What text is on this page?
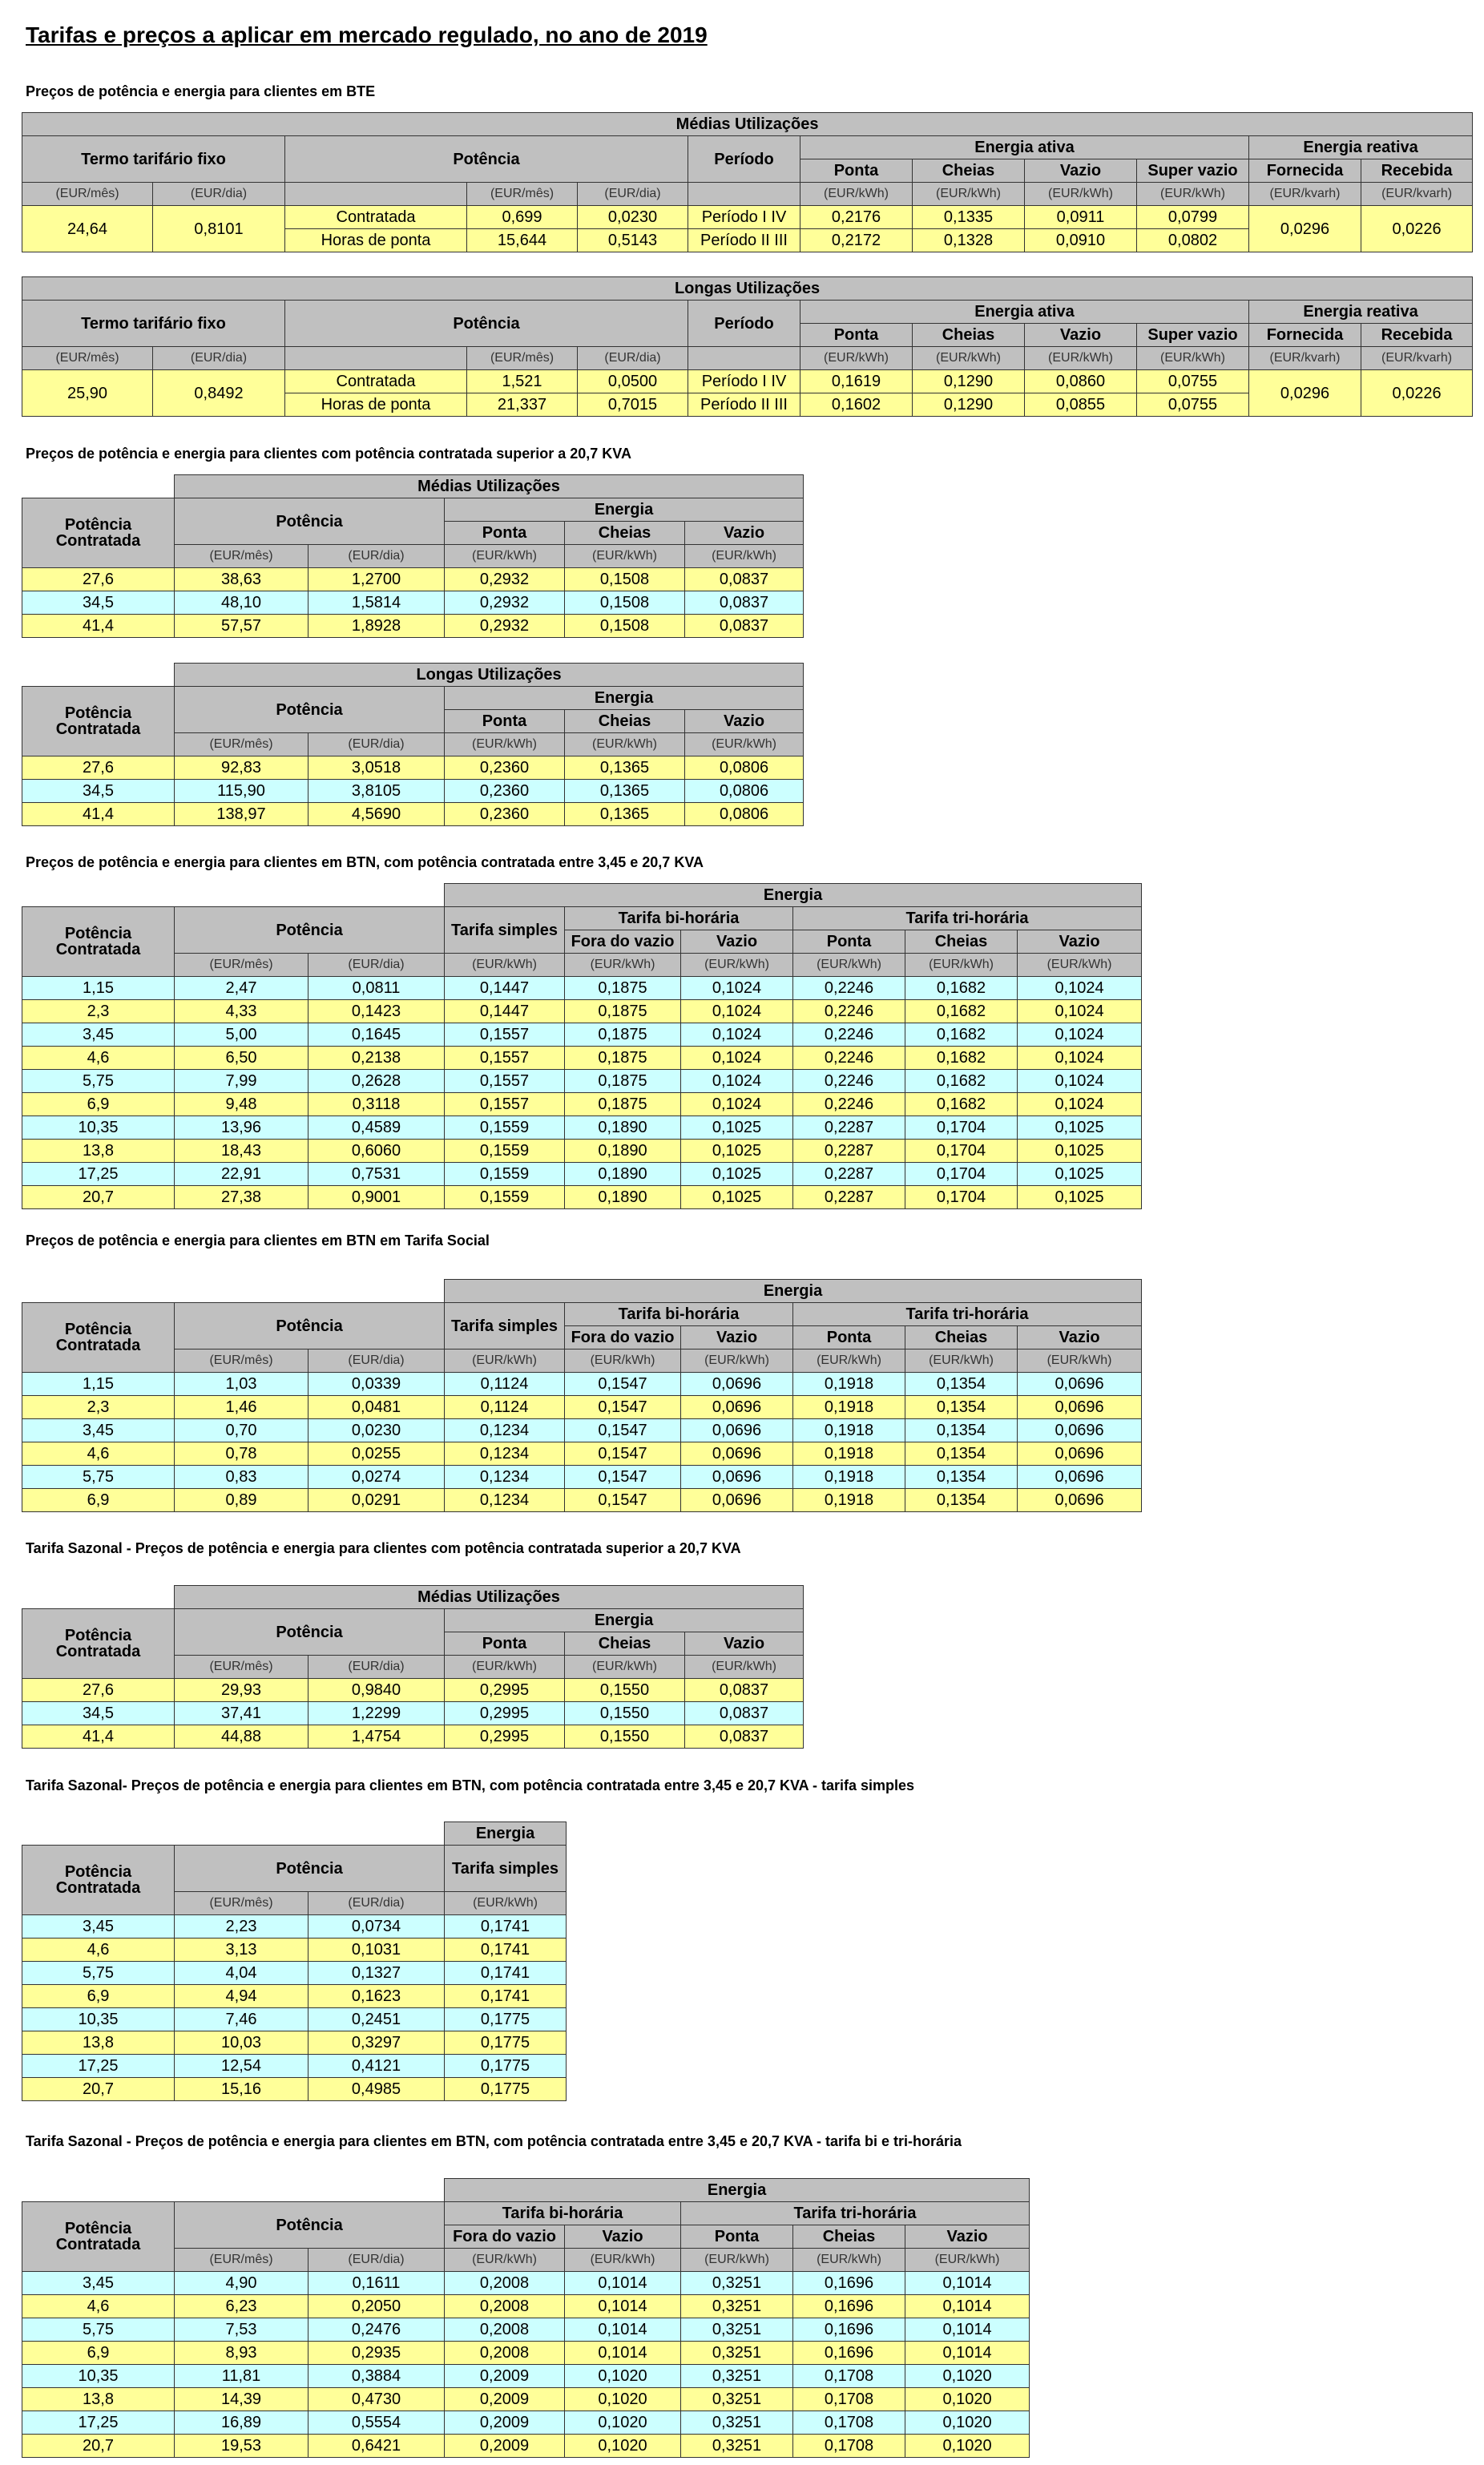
Tarifas e preços a aplicar em mercado regulado, no ano de 2019
Preços de potência e energia para clientes em BTE
Médias Utilizações											
Termo tarifário fixo		Potência			Período	Energia ativa				Energia reativa	
						Ponta	Cheias	Vazio	Super vazio	Fornecida	Recebida
(EUR/mês)	(EUR/dia)		(EUR/mês)	(EUR/dia)		(EUR/kWh)	(EUR/kWh)	(EUR/kWh)	(EUR/kWh)	(EUR/kvarh)	(EUR/kvarh)
24,64	0,8101	Contratada	0,699	0,0230	Período I IV	0,2176	0,1335	0,0911	0,0799	0,0296	0,0226
		Horas de ponta	15,644	0,5143	Período II III	0,2172	0,1328	0,0910	0,0802		
Longas Utilizações											
Termo tarifário fixo		Potência			Período	Energia ativa				Energia reativa	
						Ponta	Cheias	Vazio	Super vazio	Fornecida	Recebida
(EUR/mês)	(EUR/dia)		(EUR/mês)	(EUR/dia)		(EUR/kWh)	(EUR/kWh)	(EUR/kWh)	(EUR/kWh)	(EUR/kvarh)	(EUR/kvarh)
25,90	0,8492	Contratada	1,521	0,0500	Período I IV	0,1619	0,1290	0,0860	0,0755	0,0296	0,0226
		Horas de ponta	21,337	0,7015	Período II III	0,1602	0,1290	0,0855	0,0755		
Preços de potência e energia para clientes com potência contratada superior a 20,7 KVA
	Médias Utilizações				
Potência
Contratada	Potência		Energia		
			Ponta	Cheias	Vazio
	(EUR/mês)	(EUR/dia)	(EUR/kWh)	(EUR/kWh)	(EUR/kWh)
27,6	38,63	1,2700	0,2932	0,1508	0,0837
34,5	48,10	1,5814	0,2932	0,1508	0,0837
41,4	57,57	1,8928	0,2932	0,1508	0,0837
	Longas Utilizações				
Potência
Contratada	Potência		Energia		
			Ponta	Cheias	Vazio
	(EUR/mês)	(EUR/dia)	(EUR/kWh)	(EUR/kWh)	(EUR/kWh)
27,6	92,83	3,0518	0,2360	0,1365	0,0806
34,5	115,90	3,8105	0,2360	0,1365	0,0806
41,4	138,97	4,5690	0,2360	0,1365	0,0806
Preços de potência e energia para clientes em BTN, com potência contratada entre 3,45 e 20,7 KVA
			Energia					
Potência
Contratada	Potência		Tarifa simples	Tarifa bi-horária		Tarifa tri-horária		
				Fora do vazio	Vazio	Ponta	Cheias	Vazio
	(EUR/mês)	(EUR/dia)	(EUR/kWh)	(EUR/kWh)	(EUR/kWh)	(EUR/kWh)	(EUR/kWh)	(EUR/kWh)
1,15	2,47	0,0811	0,1447	0,1875	0,1024	0,2246	0,1682	0,1024
2,3	4,33	0,1423	0,1447	0,1875	0,1024	0,2246	0,1682	0,1024
3,45	5,00	0,1645	0,1557	0,1875	0,1024	0,2246	0,1682	0,1024
4,6	6,50	0,2138	0,1557	0,1875	0,1024	0,2246	0,1682	0,1024
5,75	7,99	0,2628	0,1557	0,1875	0,1024	0,2246	0,1682	0,1024
6,9	9,48	0,3118	0,1557	0,1875	0,1024	0,2246	0,1682	0,1024
10,35	13,96	0,4589	0,1559	0,1890	0,1025	0,2287	0,1704	0,1025
13,8	18,43	0,6060	0,1559	0,1890	0,1025	0,2287	0,1704	0,1025
17,25	22,91	0,7531	0,1559	0,1890	0,1025	0,2287	0,1704	0,1025
20,7	27,38	0,9001	0,1559	0,1890	0,1025	0,2287	0,1704	0,1025
Preços de potência e energia para clientes em BTN em Tarifa Social
			Energia					
Potência
Contratada	Potência		Tarifa simples	Tarifa bi-horária		Tarifa tri-horária		
				Fora do vazio	Vazio	Ponta	Cheias	Vazio
	(EUR/mês)	(EUR/dia)	(EUR/kWh)	(EUR/kWh)	(EUR/kWh)	(EUR/kWh)	(EUR/kWh)	(EUR/kWh)
1,15	1,03	0,0339	0,1124	0,1547	0,0696	0,1918	0,1354	0,0696
2,3	1,46	0,0481	0,1124	0,1547	0,0696	0,1918	0,1354	0,0696
3,45	0,70	0,0230	0,1234	0,1547	0,0696	0,1918	0,1354	0,0696
4,6	0,78	0,0255	0,1234	0,1547	0,0696	0,1918	0,1354	0,0696
5,75	0,83	0,0274	0,1234	0,1547	0,0696	0,1918	0,1354	0,0696
6,9	0,89	0,0291	0,1234	0,1547	0,0696	0,1918	0,1354	0,0696
Tarifa Sazonal - Preços de potência e energia para clientes com potência contratada superior a 20,7 KVA
	Médias Utilizações				
Potência
Contratada	Potência		Energia		
			Ponta	Cheias	Vazio
	(EUR/mês)	(EUR/dia)	(EUR/kWh)	(EUR/kWh)	(EUR/kWh)
27,6	29,93	0,9840	0,2995	0,1550	0,0837
34,5	37,41	1,2299	0,2995	0,1550	0,0837
41,4	44,88	1,4754	0,2995	0,1550	0,0837
Tarifa Sazonal- Preços de potência e energia para clientes em BTN, com potência contratada entre 3,45 e 20,7 KVA - tarifa simples
			Energia
Potência
Contratada	Potência		Tarifa simples

	(EUR/mês)	(EUR/dia)	(EUR/kWh)
3,45	2,23	0,0734	0,1741
4,6	3,13	0,1031	0,1741
5,75	4,04	0,1327	0,1741
6,9	4,94	0,1623	0,1741
10,35	7,46	0,2451	0,1775
13,8	10,03	0,3297	0,1775
17,25	12,54	0,4121	0,1775
20,7	15,16	0,4985	0,1775
Tarifa Sazonal - Preços de potência e energia para clientes em BTN, com potência contratada entre 3,45 e 20,7 KVA - tarifa bi e tri-horária
			Energia				
Potência
Contratada	Potência		Tarifa bi-horária		Tarifa tri-horária		
			Fora do vazio	Vazio	Ponta	Cheias	Vazio
	(EUR/mês)	(EUR/dia)	(EUR/kWh)	(EUR/kWh)	(EUR/kWh)	(EUR/kWh)	(EUR/kWh)
3,45	4,90	0,1611	0,2008	0,1014	0,3251	0,1696	0,1014
4,6	6,23	0,2050	0,2008	0,1014	0,3251	0,1696	0,1014
5,75	7,53	0,2476	0,2008	0,1014	0,3251	0,1696	0,1014
6,9	8,93	0,2935	0,2008	0,1014	0,3251	0,1696	0,1014
10,35	11,81	0,3884	0,2009	0,1020	0,3251	0,1708	0,1020
13,8	14,39	0,4730	0,2009	0,1020	0,3251	0,1708	0,1020
17,25	16,89	0,5554	0,2009	0,1020	0,3251	0,1708	0,1020
20,7	19,53	0,6421	0,2009	0,1020	0,3251	0,1708	0,1020
